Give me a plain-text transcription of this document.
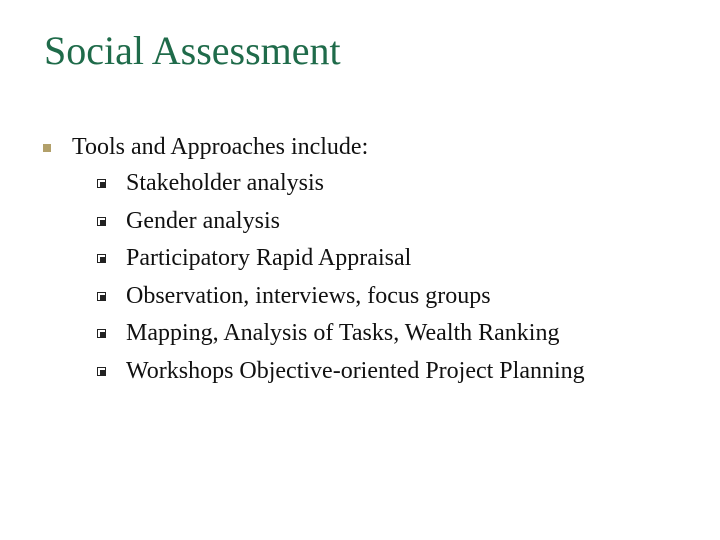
Social Assessment
Tools and Approaches include:
Stakeholder analysis
Gender analysis
Participatory Rapid Appraisal
Observation, interviews, focus groups
Mapping, Analysis of Tasks, Wealth Ranking
Workshops Objective-oriented Project Planning
